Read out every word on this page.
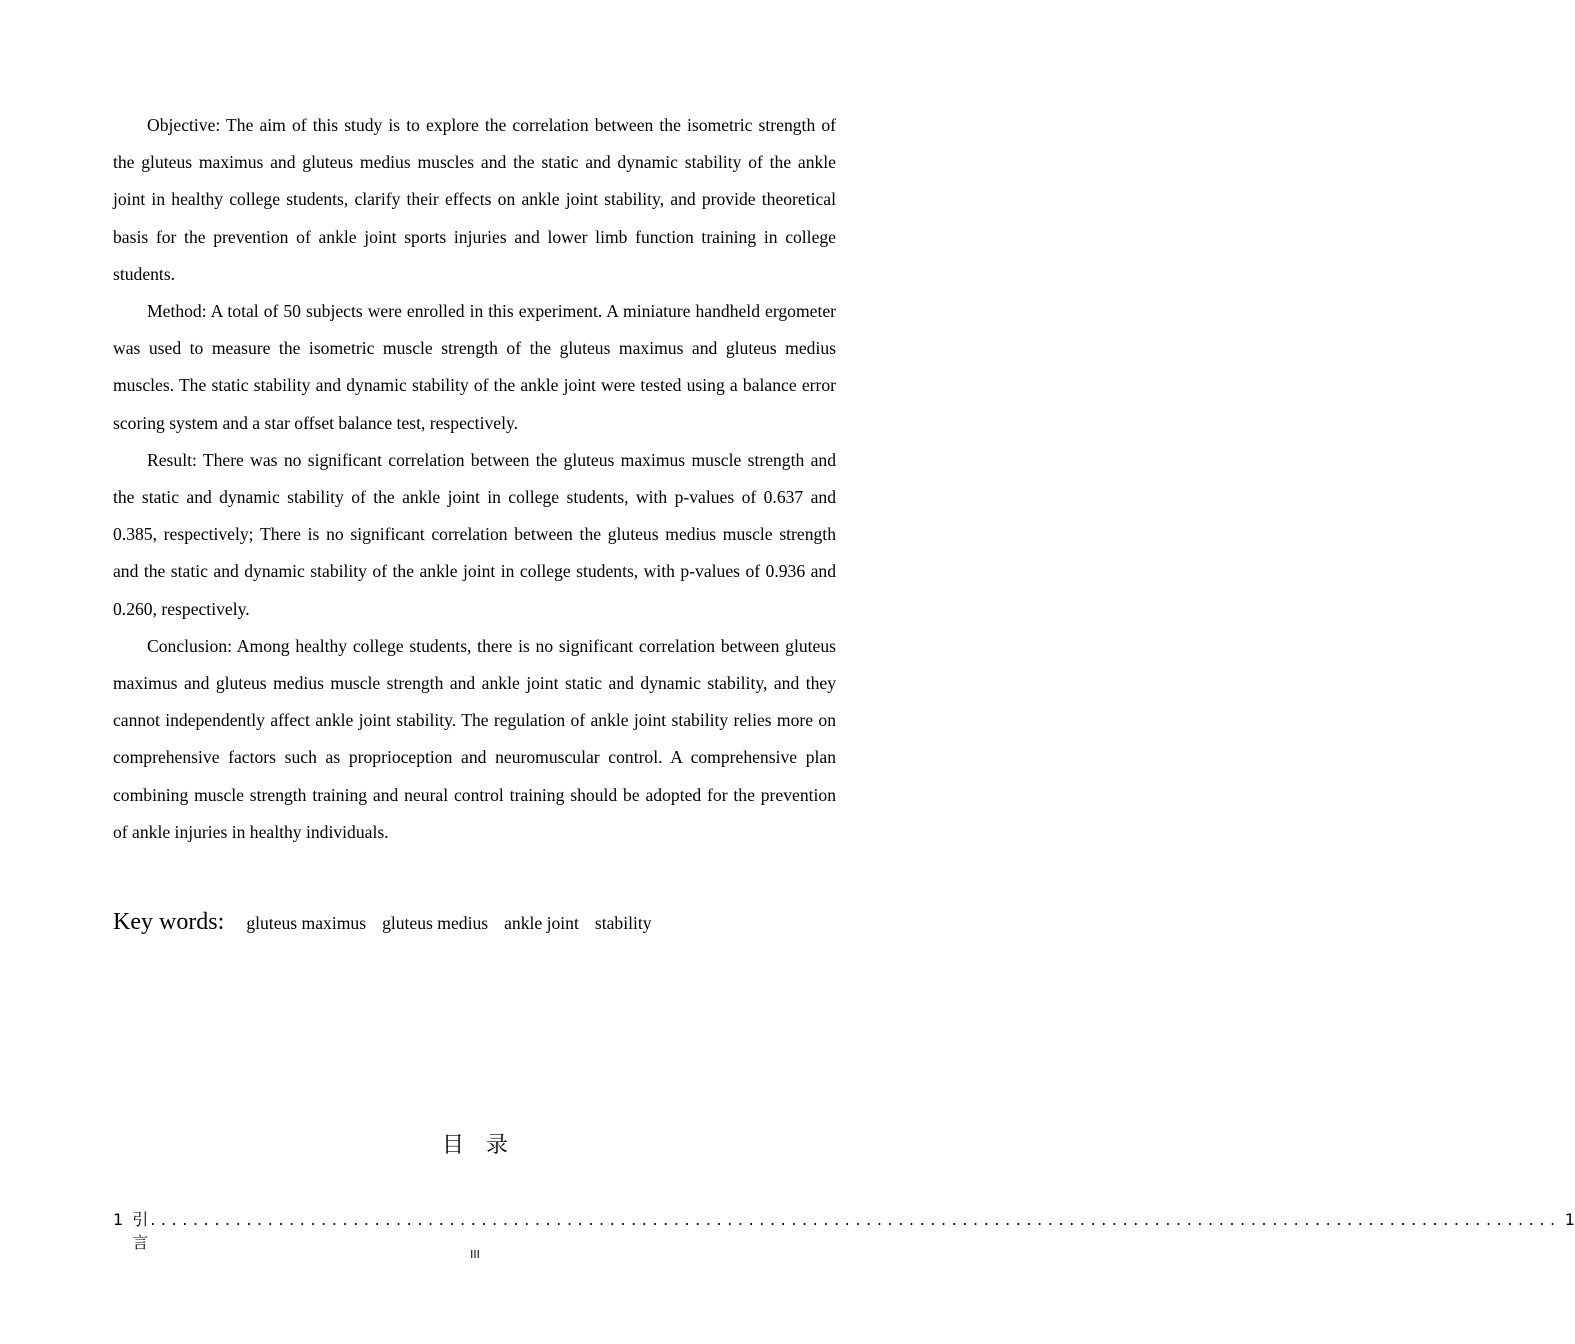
Objective: The aim of this study is to explore the correlation between the isometric strength of the gluteus maximus and gluteus medius muscles and the static and dynamic stability of the ankle joint in healthy college students, clarify their effects on ankle joint stability, and provide theoretical basis for the prevention of ankle joint sports injuries and lower limb function training in college students.

Method: A total of 50 subjects were enrolled in this experiment. A miniature handheld ergometer was used to measure the isometric muscle strength of the gluteus maximus and gluteus medius muscles. The static stability and dynamic stability of the ankle joint were tested using a balance error scoring system and a star offset balance test, respectively.

Result: There was no significant correlation between the gluteus maximus muscle strength and the static and dynamic stability of the ankle joint in college students, with p-values of 0.637 and 0.385, respectively; There is no significant correlation between the gluteus medius muscle strength and the static and dynamic stability of the ankle joint in college students, with p-values of 0.936 and 0.260, respectively.

Conclusion: Among healthy college students, there is no significant correlation between gluteus maximus and gluteus medius muscle strength and ankle joint static and dynamic stability, and they cannot independently affect ankle joint stability. The regulation of ankle joint stability relies more on comprehensive factors such as proprioception and neuromuscular control. A comprehensive plan combining muscle strength training and neural control training should be adopted for the prevention of ankle injuries in healthy individuals.

Key words: gluteus maximus gluteus medius ankle joint stability
目录
1 引言
.................................................................................................................................... 1
III
